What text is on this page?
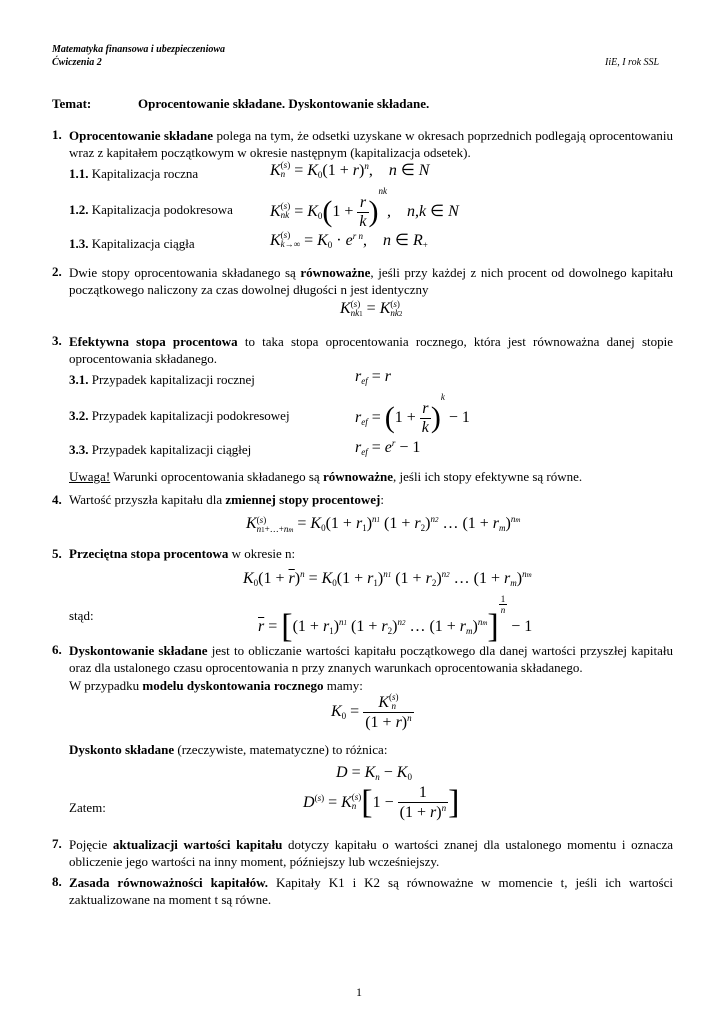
Matematyka finansowa i ubezpieczeniowa
Ćwiczenia 2	IiE, I rok SSL
Temat:	Oprocentowanie składane. Dyskontowanie składane.
1. Oprocentowanie składane polega na tym, że odsetki uzyskane w okresach poprzednich podlegają oprocentowaniu wraz z kapitałem początkowym w okresie następnym (kapitalizacja odsetek).
1.1. Kapitalizacja roczna	K (s)
$n = K_0(1 + r)^n$,    n ∈ N
1.2. Kapitalizacja podokresowa K (s)
nk = $K_0(1 + \frac{r}{k} )^{nk}$,    n,k ∈ N
1.3. Kapitalizacja ciągła	K (s)
$k\to\infty = K_0 \cdot e^{r n}$,    n ∈ $R_+$
2. Dwie stopy oprocentowania składanego są równoważne, jeśli przy każdej z nich procent od dowolnego kapitału początkowego naliczony za czas dowolnej długości n jest identyczny
K (s)
nk1 = K (s)
nk2
3. Efektywna stopa procentowa to taka stopa oprocentowania rocznego, która jest równoważna danej stopie oprocentowania składanego.
3.1. Przypadek kapitalizacji rocznej	$r_{ef} = r$
3.2. Przypadek kapitalizacji podokresowej	$r_{ef} = (1 + \frac{r}{k} )^k - 1$
3.3. Przypadek kapitalizacji ciągłej	$r_{ef} = e^r - 1$
Uwaga! Warunki oprocentowania składanego są równoważne, jeśli ich stopy efektywne są równe.
4. Wartość przyszła kapitału dla zmiennej stopy procentowej:
K (s)
n1+…+nm = $K_0(1 + r_1)^{n1}$ $(1 + r_2)^{n2}$ … $(1 + r_m)^{nm}$
5. Przeciętna stopa procentowa w okresie n:
$K_0(1 + \overline{r})^n = K_0(1 + r_1)^{n1}$ $(1 + r_2)^{n2}$ … $(1 + r_m)^{nm}$
stąd:
$\overline{r} = [(1 + r_1)^{n1}$ $(1 + r_2)^{n2}$ … $(1 + r_m)^{nm}$]
$\frac{1}{n}$
− 1
6. Dyskontowanie składane jest to obliczanie wartości kapitału początkowego dla danej wartości przyszłej kapitału oraz dla ustalonego czasu oprocentowania n przy znanych warunkach oprocentowania składanego.
W przypadku modelu dyskontowania rocznego mamy:
$K_0 = K$ (s)
n
$(1 + r)^n$
Dyskonto składane (rzeczywiste, matematyczne) to różnica:
$D = K_n - K_0$
Zatem:	$D^{(s)} = K$ (s)
n [$1 - \frac{1}{(1 + r)^n}$ ]
7. Pojęcie aktualizacji wartości kapitału dotyczy kapitału o wartości znanej dla ustalonego momentu i oznacza obliczenie jego wartości na inny moment, późniejszy lub wcześniejszy.
8. Zasada równoważności kapitałów. Kapitały K1 i K2 są równoważne w momencie t, jeśli ich wartości zaktualizowane na moment t są równe.
1
